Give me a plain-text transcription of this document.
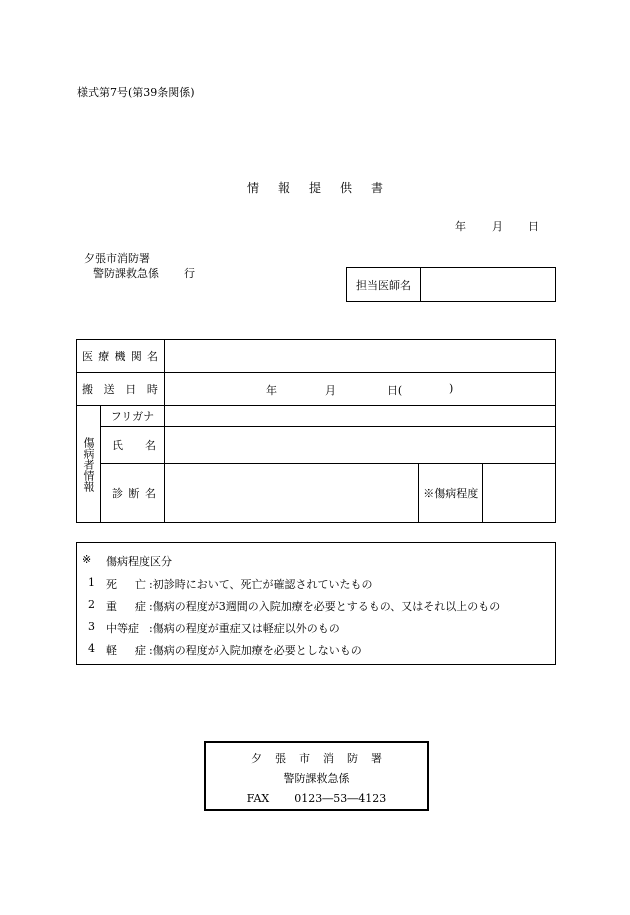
様式第7号(第39条関係)
情 報 提 供 書
年 月 日
夕張市消防署
警防課救急係 行
担当医師名	
医 療 機 関 名				

搬 送 日 時		年 月 日( )		

傷病者情報	フリガナ			

	氏 名			

	診 断 名		※傷病程度	
※ 傷病程度区分
1 死 亡 :初診時において、死亡が確認されていたもの
2 重 症 :傷病の程度が3週間の入院加療を必要とするもの、又はそれ以上のもの
3 中等症 :傷病の程度が重症又は軽症以外のもの
4 軽 症 :傷病の程度が入院加療を必要としないもの
夕 張 市 消 防 署
警防課救急係
FAX 0123―53―4123
